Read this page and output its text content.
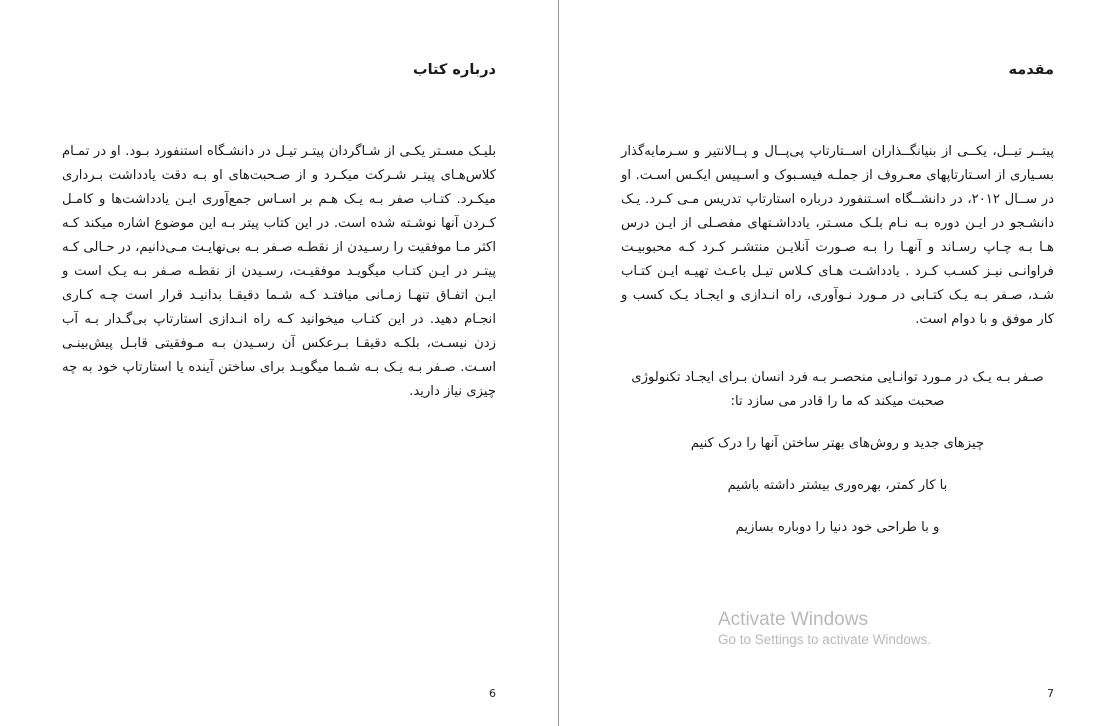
مقدمه

پیتــر تیــل، یکــی از بنیانگــذاران اســتارتاپ پی‌پــال و پــالانتیر و سـرمایه‌گذار بسـیاری از اسـتارتاپهای معـروف از جملـه فیسـبوک و اسـپیس ایکـس اسـت. او در ســال ۲۰۱۲، در دانشــگاه اسـتنفورد درباره استارتاپ تدریس مـی کـرد. یـک دانشـجو در ایـن دوره بـه نـام بلـک مسـتر، یادداشـتهای مفصـلی از ایـن درس هـا بـه چـاپ رسـاند و آنهـا را بـه صـورت آنلایـن منتشـر کـرد کـه محبوبیـت فراوانـی نیـز کسـب کـرد . یادداشـت هـای کـلاس تیـل باعـث تهیـه ایـن کتـاب شـد، صـفر بـه یـک کتـابی در مـورد نـوآوری، راه انـدازی و ایجـاد یـک کسب و کار موفق و با دوام است.

صـفر بـه یـک در مـورد توانـایی منحصـر بـه فرد انسان بـرای ایجـاد تکنولوژی صحبت میکند که ما را قادر می سازد تا:

چیز‌های جدید و روش‌های بهتر ساختن آنها را درک کنیم

با کار کمتر، بهره‌وری بیشتر داشته باشیم

و با طراحی خود دنیا را دوباره بسازیم

7
درباره کتاب

بلیـک مسـتر یکـی از شـاگردان پیتـر تیـل در دانشـگاه استنفورد بـود. او در تمـام کلاس‌هـای پیتـر شـرکت میکـرد و از صـحبت‌های او بـه دقت یادداشت بـرداری میکـرد. کتـاب صفر بـه یـک هـم بر اسـاس جمع‌آوری ایـن یادداشت‌ها و کامـل کـردن آنها نوشـته شده است. در این کتاب پیتر بـه این موضوع اشاره میکند کـه اکثر مـا موفقیت را رسـیدن از نقطـه صـفر بـه بی‌نهایـت مـی‌دانیم، در حـالی کـه پیتـر در ایـن کتـاب میگویـد موفقیـت، رسـیدن از نقطـه صـفر بـه یـک است و ایـن اتفـاق تنهـا زمـانی میافتـد کـه شـما دقیقـا بدانیـد قرار است چـه کـاری انجـام دهید. در این کتـاب میخوانید کـه راه انـدازی استارتاپ بی‌گـدار بـه آب زدن نیسـت، بلکـه دقیقـا بـر‌عکس آن رسـیدن بـه مـوفقیتی قابـل پیش‌بینـی اسـت. صـفر بـه یـک بـه شـما میگویـد برای ساختن آینده یا استارتاپ خود به چه چیزی نیاز دارید.

6
Activate Windows
Go to Settings to activate Windows.
